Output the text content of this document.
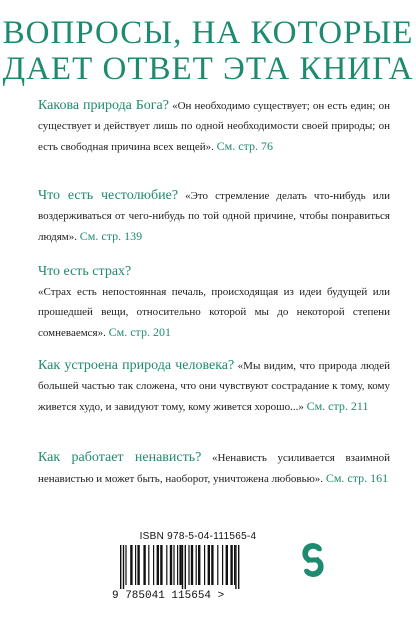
ВОПРОСЫ, НА КОТОРЫЕ
ДАЕТ ОТВЕТ ЭТА КНИГА
Какова природа Бога? «Он необходимо существует; он есть един; он существует и действует лишь по одной необходимости своей природы; он есть свободная причина всех вещей». См. стр. 76
Что есть честолюбие? «Это стремление делать что-нибудь или воздерживаться от чего-нибудь по той одной причине, чтобы понравиться людям». См. стр. 139
Что есть страх?
«Страх есть непостоянная печаль, происходящая из идеи будущей или прошедшей вещи, относительно которой мы до некоторой степени сомневаемся». См. стр. 201
Как устроена природа человека? «Мы видим, что природа людей большей частью так сложена, что они чувствуют сострадание к тому, кому живется худо, и завидуют тому, кому живется хорошо...» См. стр. 211
Как работает ненависть? «Ненависть усиливается взаимной ненавистью и может быть, наоборот, уничтожена любовью». См. стр. 161
ISBN 978-5-04-111565-4
9 785041 115654 >
